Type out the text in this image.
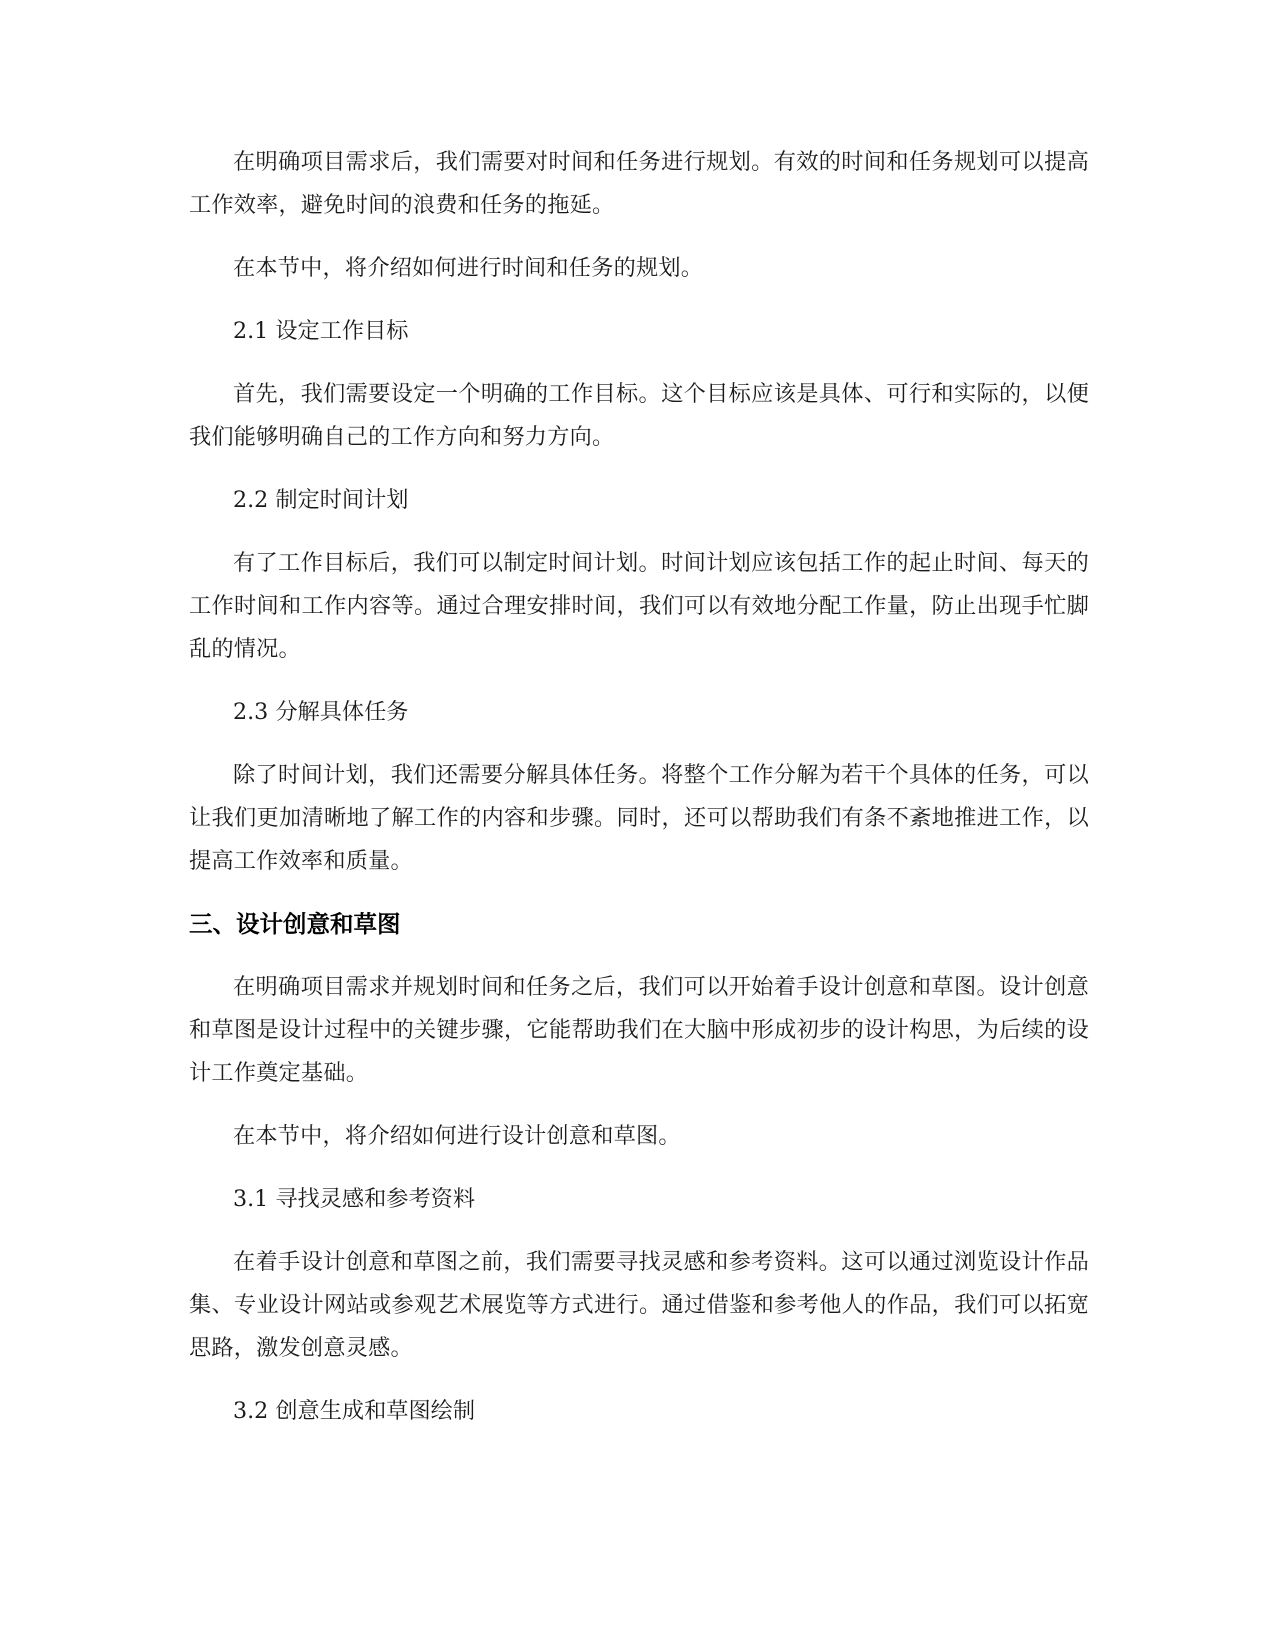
在明确项目需求后，我们需要对时间和任务进行规划。有效的时间和任务规划可以提高工作效率，避免时间的浪费和任务的拖延。

在本节中，将介绍如何进行时间和任务的规划。

2.1 设定工作目标

首先，我们需要设定一个明确的工作目标。这个目标应该是具体、可行和实际的，以便我们能够明确自己的工作方向和努力方向。

2.2 制定时间计划

有了工作目标后，我们可以制定时间计划。时间计划应该包括工作的起止时间、每天的工作时间和工作内容等。通过合理安排时间，我们可以有效地分配工作量，防止出现手忙脚乱的情况。

2.3 分解具体任务

除了时间计划，我们还需要分解具体任务。将整个工作分解为若干个具体的任务，可以让我们更加清晰地了解工作的内容和步骤。同时，还可以帮助我们有条不紊地推进工作，以提高工作效率和质量。

三、设计创意和草图

在明确项目需求并规划时间和任务之后，我们可以开始着手设计创意和草图。设计创意和草图是设计过程中的关键步骤，它能帮助我们在大脑中形成初步的设计构思，为后续的设计工作奠定基础。

在本节中，将介绍如何进行设计创意和草图。

3.1 寻找灵感和参考资料

在着手设计创意和草图之前，我们需要寻找灵感和参考资料。这可以通过浏览设计作品集、专业设计网站或参观艺术展览等方式进行。通过借鉴和参考他人的作品，我们可以拓宽思路，激发创意灵感。

3.2 创意生成和草图绘制
